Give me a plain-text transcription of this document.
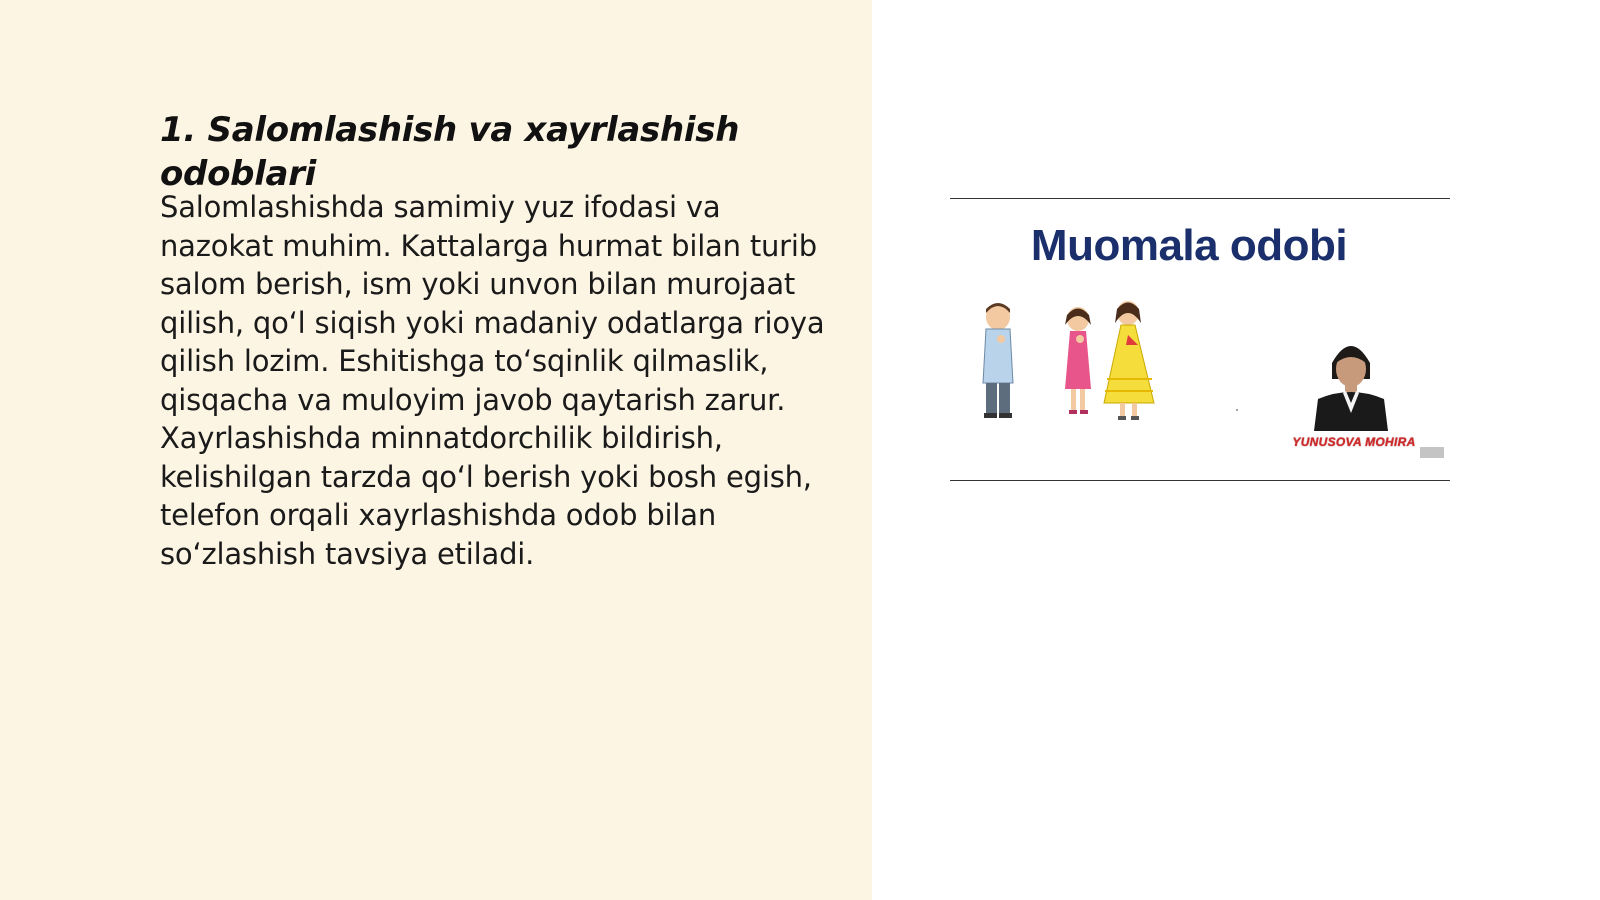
1. Salomlashish va xayrlashish odoblari

Salomlashishda samimiy yuz ifodasi va nazokat muhim. Kattalarga hurmat bilan turib salom berish, ism yoki unvon bilan murojaat qilish, qo‘l siqish yoki madaniy odatlarga rioya qilish lozim. Eshitishga to‘sqinlik qilmaslik, qisqacha va muloyim javob qaytarish zarur. Xayrlashishda minnatdorchilik bildirish, kelishilgan tarzda qo‘l berish yoki bosh egish, telefon orqali xayrlashishda odob bilan so‘zlashish tavsiya etiladi.

Muomala odobi
YUNUSOVA MOHIRA
